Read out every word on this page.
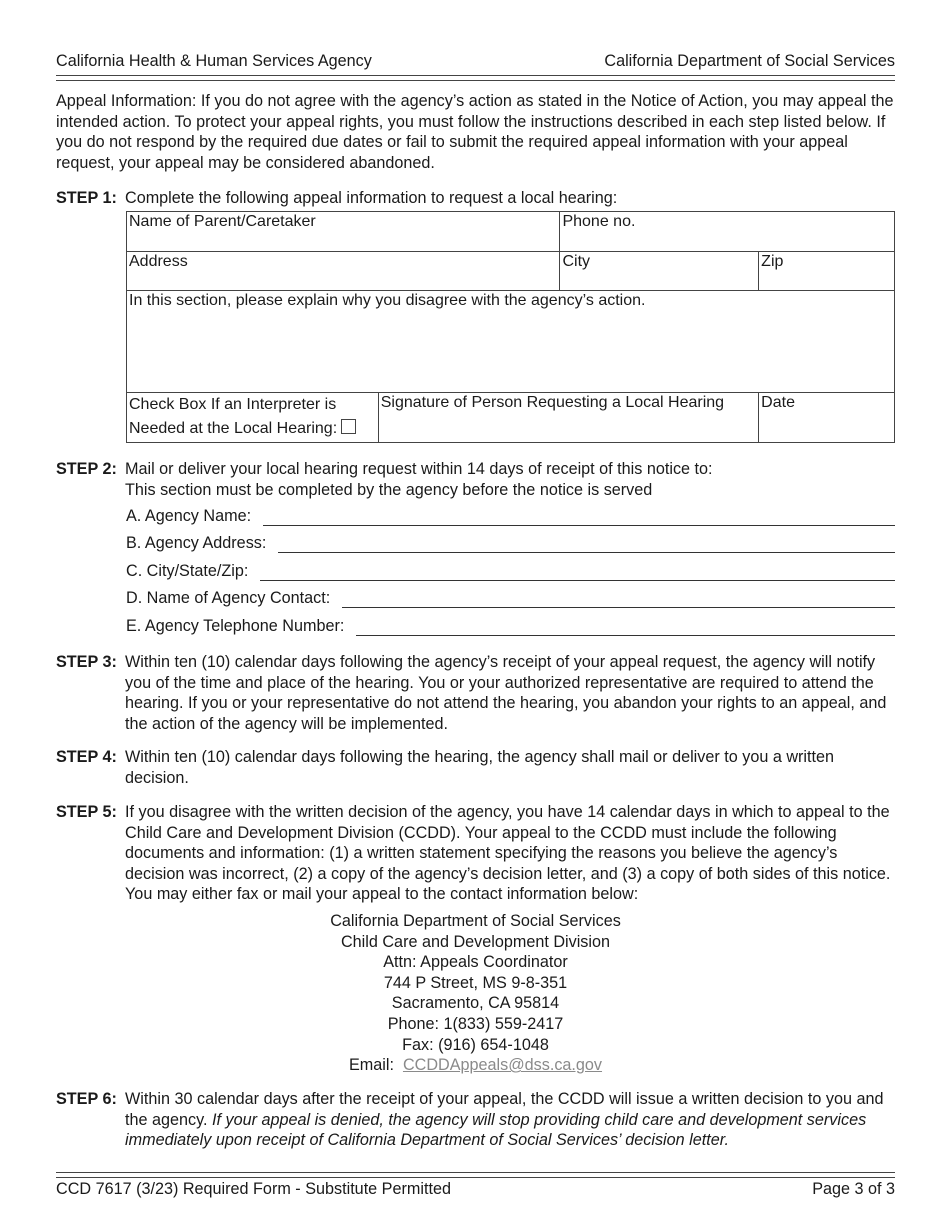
California Health & Human Services Agency	California Department of Social Services
Appeal Information: If you do not agree with the agency’s action as stated in the Notice of Action, you may appeal the intended action. To protect your appeal rights, you must follow the instructions described in each step listed below. If you do not respond by the required due dates or fail to submit the required appeal information with your appeal request, your appeal may be considered abandoned.
STEP 1: Complete the following appeal information to request a local hearing:
Name of Parent/Caretaker		Phone no.	
Address		City	Zip
In this section, please explain why you disagree with the agency’s action.			
Check Box If an Interpreter is
Needed at the Local Hearing:	Signature of Person Requesting a Local Hearing		Date
STEP 2: Mail or deliver your local hearing request within 14 days of receipt of this notice to:
This section must be completed by the agency before the notice is served
A. Agency Name:
B. Agency Address:
C. City/State/Zip:
D. Name of Agency Contact:
E. Agency Telephone Number:
STEP 3: Within ten (10) calendar days following the agency’s receipt of your appeal request, the agency will notify you of the time and place of the hearing. You or your authorized representative are required to attend the hearing. If you or your representative do not attend the hearing, you abandon your rights to an appeal, and the action of the agency will be implemented.
STEP 4: Within ten (10) calendar days following the hearing, the agency shall mail or deliver to you a written decision.
STEP 5: If you disagree with the written decision of the agency, you have 14 calendar days in which to appeal to the Child Care and Development Division (CCDD). Your appeal to the CCDD must include the following documents and information: (1) a written statement specifying the reasons you believe the agency’s decision was incorrect, (2) a copy of the agency’s decision letter, and (3) a copy of both sides of this notice. You may either fax or mail your appeal to the contact information below:
California Department of Social Services
Child Care and Development Division
Attn: Appeals Coordinator
744 P Street, MS 9-8-351
Sacramento, CA 95814
Phone: 1(833) 559-2417
Fax: (916) 654-1048
Email: CCDDAppeals@dss.ca.gov
STEP 6: Within 30 calendar days after the receipt of your appeal, the CCDD will issue a written decision to you and the agency. If your appeal is denied, the agency will stop providing child care and development services immediately upon receipt of California Department of Social Services’ decision letter.
CCD 7617 (3/23) Required Form - Substitute Permitted	Page 3 of 3
